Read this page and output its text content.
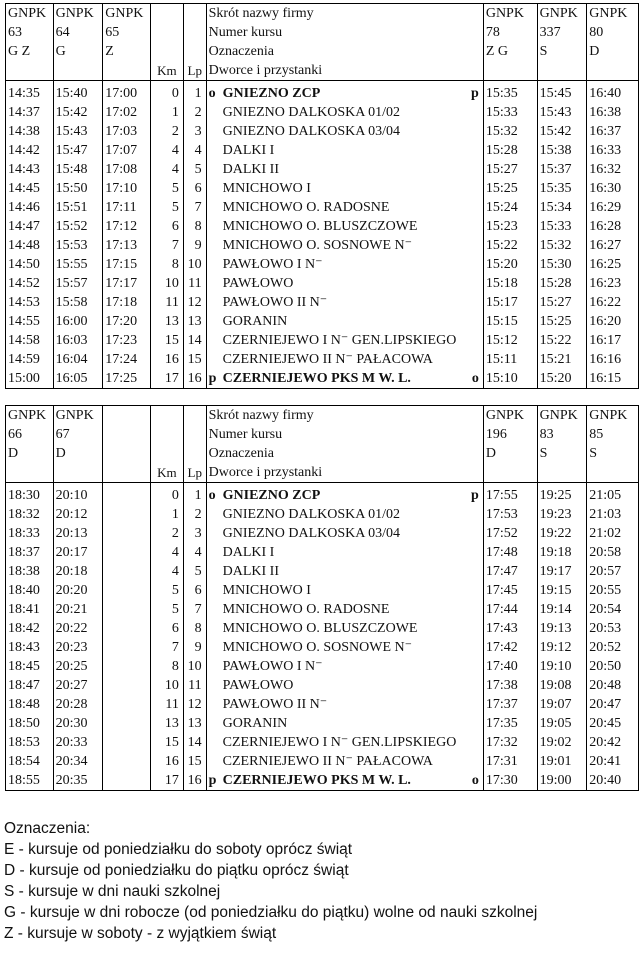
GNPK	GNPK	GNPK			Skrót nazwy firmy	GNPK	GNPK	GNPK
63	64	65			Numer kursu	78	337	80
G Z	G	Z			Oznaczenia	Z G	S	D
			Km	Lp	Dworce i przystanki			

14:35	15:40	17:00	0	1	o GNIEZNO ZCP p	15:35	15:45	16:40
14:37	15:42	17:02	1	2	GNIEZNO DALKOSKA 01/02	15:33	15:43	16:38
14:38	15:43	17:03	2	3	GNIEZNO DALKOSKA 03/04	15:32	15:42	16:37
14:42	15:47	17:07	4	4	DALKI I	15:28	15:38	16:33
14:43	15:48	17:08	4	5	DALKI II	15:27	15:37	16:32
14:45	15:50	17:10	5	6	MNICHOWO I	15:25	15:35	16:30
14:46	15:51	17:11	5	7	MNICHOWO O. RADOSNE	15:24	15:34	16:29
14:47	15:52	17:12	6	8	MNICHOWO O. BLUSZCZOWE	15:23	15:33	16:28
14:48	15:53	17:13	7	9	MNICHOWO O. SOSNOWE N⁻	15:22	15:32	16:27
14:50	15:55	17:15	8	10	PAWŁOWO I N⁻	15:20	15:30	16:25
14:52	15:57	17:17	10	11	PAWŁOWO	15:18	15:28	16:23
14:53	15:58	17:18	11	12	PAWŁOWO II N⁻	15:17	15:27	16:22
14:55	16:00	17:20	13	13	GORANIN	15:15	15:25	16:20
14:58	16:03	17:23	15	14	CZERNIEJEWO I N⁻ GEN.LIPSKIEGO	15:12	15:22	16:17
14:59	16:04	17:24	16	15	CZERNIEJEWO II N⁻ PAŁACOWA	15:11	15:21	16:16
15:00	16:05	17:25	17	16	p CZERNIEJEWO PKS M W. L. o	15:10	15:20	16:15
GNPK	GNPK				Skrót nazwy firmy	GNPK	GNPK	GNPK
66	67				Numer kursu	196	83	85
D	D				Oznaczenia	D	S	S
			Km	Lp	Dworce i przystanki			

18:30	20:10		0	1	o GNIEZNO ZCP p	17:55	19:25	21:05
18:32	20:12		1	2	GNIEZNO DALKOSKA 01/02	17:53	19:23	21:03
18:33	20:13		2	3	GNIEZNO DALKOSKA 03/04	17:52	19:22	21:02
18:37	20:17		4	4	DALKI I	17:48	19:18	20:58
18:38	20:18		4	5	DALKI II	17:47	19:17	20:57
18:40	20:20		5	6	MNICHOWO I	17:45	19:15	20:55
18:41	20:21		5	7	MNICHOWO O. RADOSNE	17:44	19:14	20:54
18:42	20:22		6	8	MNICHOWO O. BLUSZCZOWE	17:43	19:13	20:53
18:43	20:23		7	9	MNICHOWO O. SOSNOWE N⁻	17:42	19:12	20:52
18:45	20:25		8	10	PAWŁOWO I N⁻	17:40	19:10	20:50
18:47	20:27		10	11	PAWŁOWO	17:38	19:08	20:48
18:48	20:28		11	12	PAWŁOWO II N⁻	17:37	19:07	20:47
18:50	20:30		13	13	GORANIN	17:35	19:05	20:45
18:53	20:33		15	14	CZERNIEJEWO I N⁻ GEN.LIPSKIEGO	17:32	19:02	20:42
18:54	20:34		16	15	CZERNIEJEWO II N⁻ PAŁACOWA	17:31	19:01	20:41
18:55	20:35		17	16	p CZERNIEJEWO PKS M W. L. o	17:30	19:00	20:40
Oznaczenia:
E - kursuje od poniedziałku do soboty oprócz świąt
D - kursuje od poniedziałku do piątku oprócz świąt
S - kursuje w dni nauki szkolnej
G - kursuje w dni robocze (od poniedziałku do piątku) wolne od nauki szkolnej
Z - kursuje w soboty - z wyjątkiem świąt
